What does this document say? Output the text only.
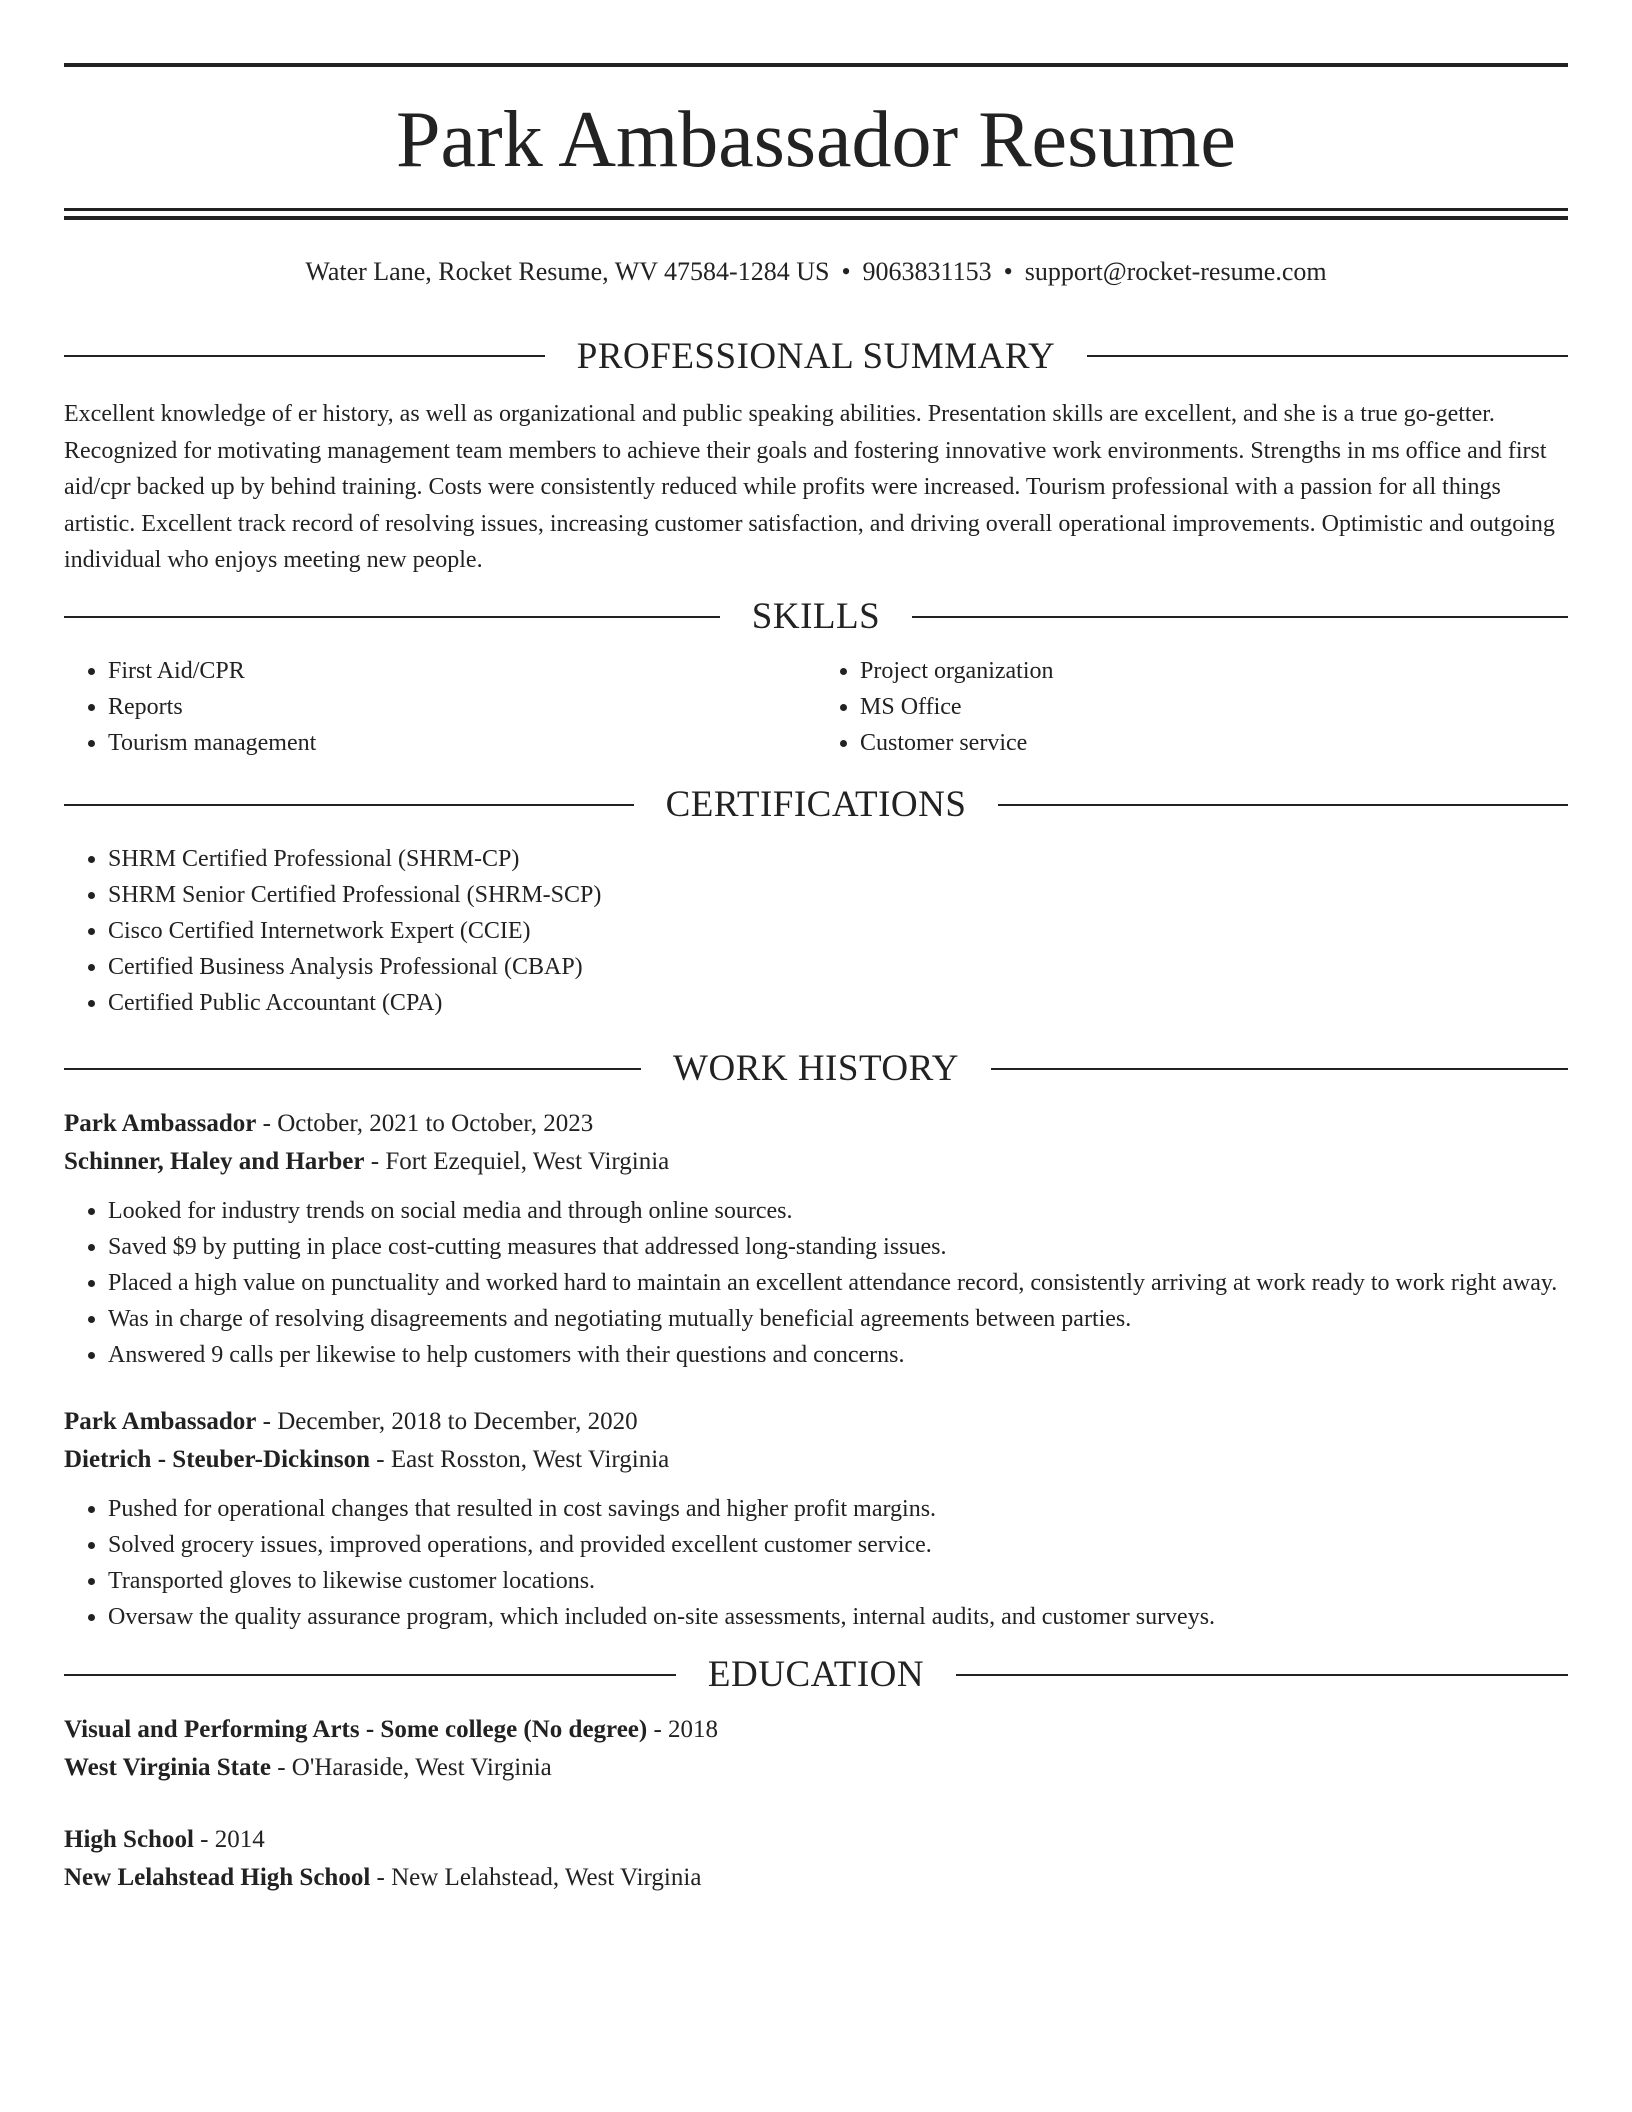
Park Ambassador Resume
Water Lane, Rocket Resume, WV 47584-1284 US • 9063831153 • support@rocket-resume.com
PROFESSIONAL SUMMARY

Excellent knowledge of er history, as well as organizational and public speaking abilities. Presentation skills are excellent, and she is a true go-getter. Recognized for motivating management team members to achieve their goals and fostering innovative work environments. Strengths in ms office and first aid/cpr backed up by behind training. Costs were consistently reduced while profits were increased. Tourism professional with a passion for all things artistic. Excellent track record of resolving issues, increasing customer satisfaction, and driving overall operational improvements. Optimistic and outgoing individual who enjoys meeting new people.

SKILLS
• First Aid/CPR
• Reports
• Tourism management
• Project organization
• MS Office
• Customer service
CERTIFICATIONS
• SHRM Certified Professional (SHRM-CP)
• SHRM Senior Certified Professional (SHRM-SCP)
• Cisco Certified Internetwork Expert (CCIE)
• Certified Business Analysis Professional (CBAP)
• Certified Public Accountant (CPA)
WORK HISTORY
Park Ambassador - October, 2021 to October, 2023
Schinner, Haley and Harber - Fort Ezequiel, West Virginia
• Looked for industry trends on social media and through online sources.
• Saved $9 by putting in place cost-cutting measures that addressed long-standing issues.
• Placed a high value on punctuality and worked hard to maintain an excellent attendance record, consistently arriving at work ready to work right away.
• Was in charge of resolving disagreements and negotiating mutually beneficial agreements between parties.
• Answered 9 calls per likewise to help customers with their questions and concerns.
Park Ambassador - December, 2018 to December, 2020
Dietrich - Steuber-Dickinson - East Rosston, West Virginia
• Pushed for operational changes that resulted in cost savings and higher profit margins.
• Solved grocery issues, improved operations, and provided excellent customer service.
• Transported gloves to likewise customer locations.
• Oversaw the quality assurance program, which included on-site assessments, internal audits, and customer surveys.
EDUCATION
Visual and Performing Arts - Some college (No degree) - 2018
West Virginia State - O'Haraside, West Virginia
High School - 2014
New Lelahstead High School - New Lelahstead, West Virginia
